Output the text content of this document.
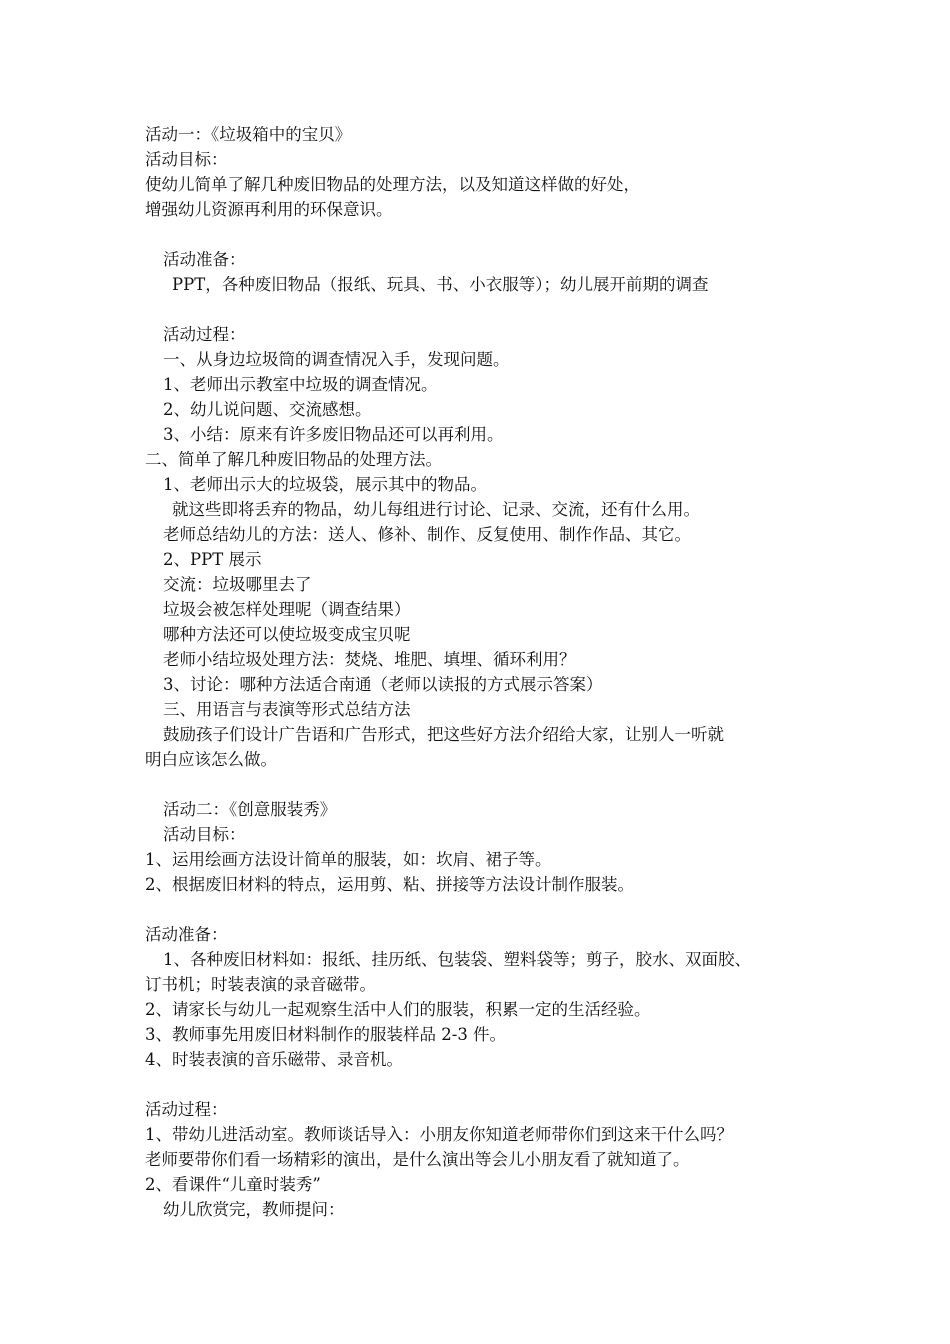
活动一：《垃圾箱中的宝贝》
活动目标：
使幼儿简单了解几种废旧物品的处理方法，以及知道这样做的好处，
增强幼儿资源再利用的环保意识。
活动准备：
PPT，各种废旧物品（报纸、玩具、书、小衣服等）；幼儿展开前期的调查
活动过程：
一、从身边垃圾筒的调查情况入手，发现问题。
1、老师出示教室中垃圾的调查情况。
2、幼儿说问题、交流感想。
3、小结：原来有许多废旧物品还可以再利用。
二、简单了解几种废旧物品的处理方法。
1、老师出示大的垃圾袋，展示其中的物品。
就这些即将丢弃的物品，幼儿每组进行讨论、记录、交流，还有什么用。
老师总结幼儿的方法：送人、修补、制作、反复使用、制作作品、其它。
2、PPT 展示
交流：垃圾哪里去了
垃圾会被怎样处理呢（调查结果）
哪种方法还可以使垃圾变成宝贝呢
老师小结垃圾处理方法：焚烧、堆肥、填埋、循环利用？
3、讨论：哪种方法适合南通（老师以读报的方式展示答案）
三、用语言与表演等形式总结方法
鼓励孩子们设计广告语和广告形式，把这些好方法介绍给大家，让别人一听就
明白应该怎么做。
活动二：《创意服装秀》
活动目标：
1、运用绘画方法设计简单的服装，如：坎肩、裙子等。
2、根据废旧材料的特点，运用剪、粘、拼接等方法设计制作服装。
活动准备：
1、各种废旧材料如：报纸、挂历纸、包装袋、塑料袋等；剪子，胶水、双面胶、
订书机；时装表演的录音磁带。
2、请家长与幼儿一起观察生活中人们的服装，积累一定的生活经验。
3、教师事先用废旧材料制作的服装样品 2-3 件。
4、时装表演的音乐磁带、录音机。
活动过程：
1、带幼儿进活动室。教师谈话导入：小朋友你知道老师带你们到这来干什么吗？
老师要带你们看一场精彩的演出，是什么演出等会儿小朋友看了就知道了。
2、看课件“儿童时装秀”
幼儿欣赏完，教师提问：
